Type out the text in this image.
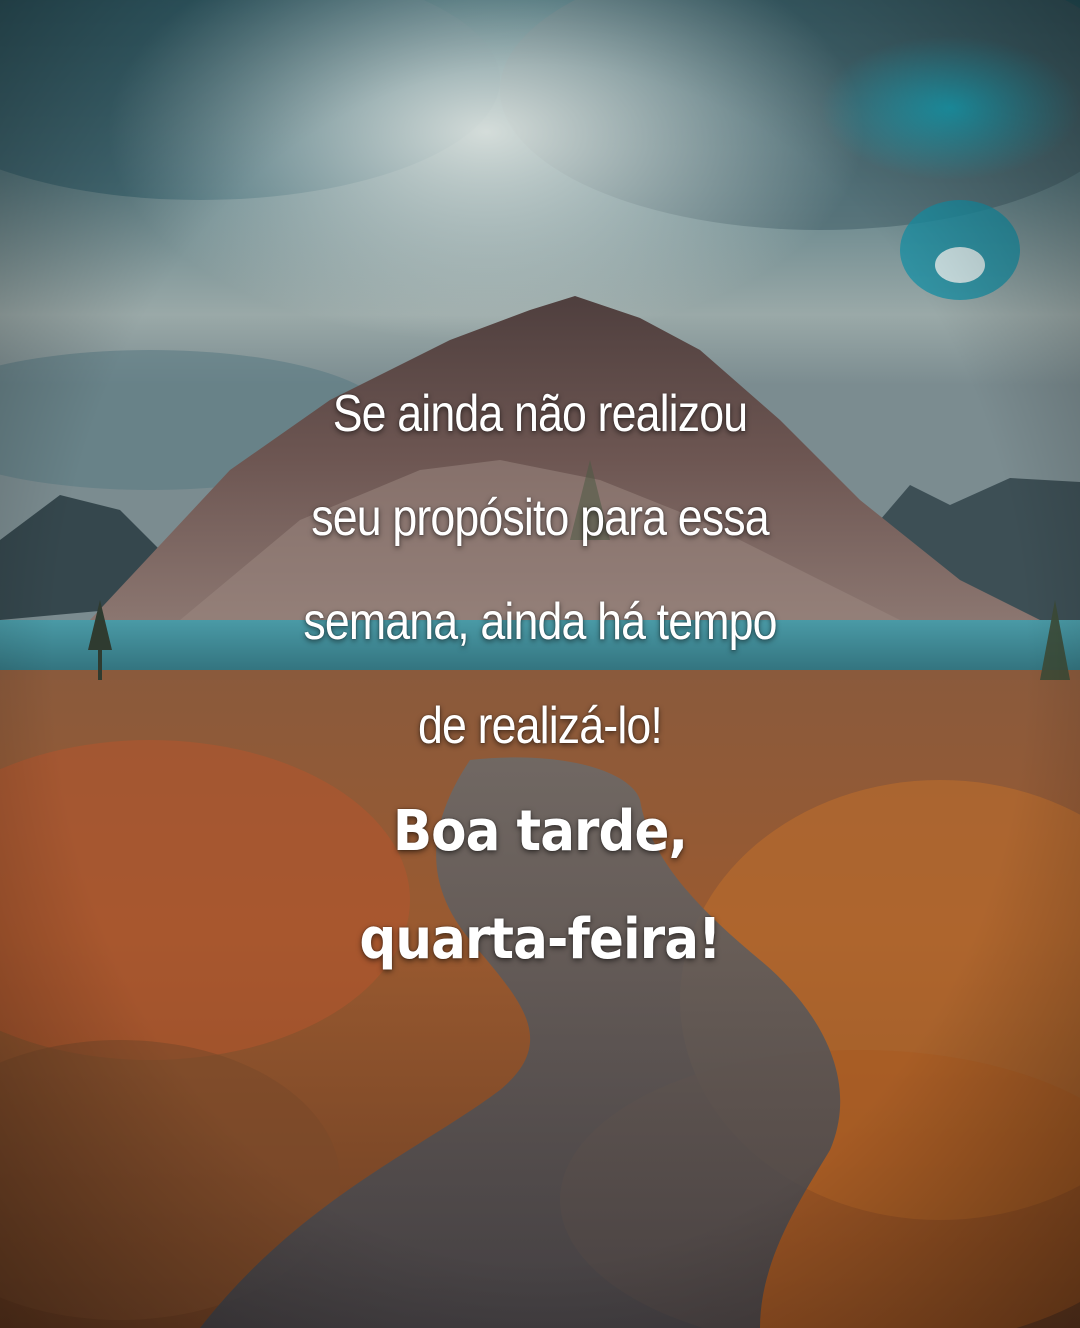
Se ainda não realizou
seu propósito para essa
semana, ainda há tempo
de realizá-lo!
Boa tarde,
quarta-feira!
